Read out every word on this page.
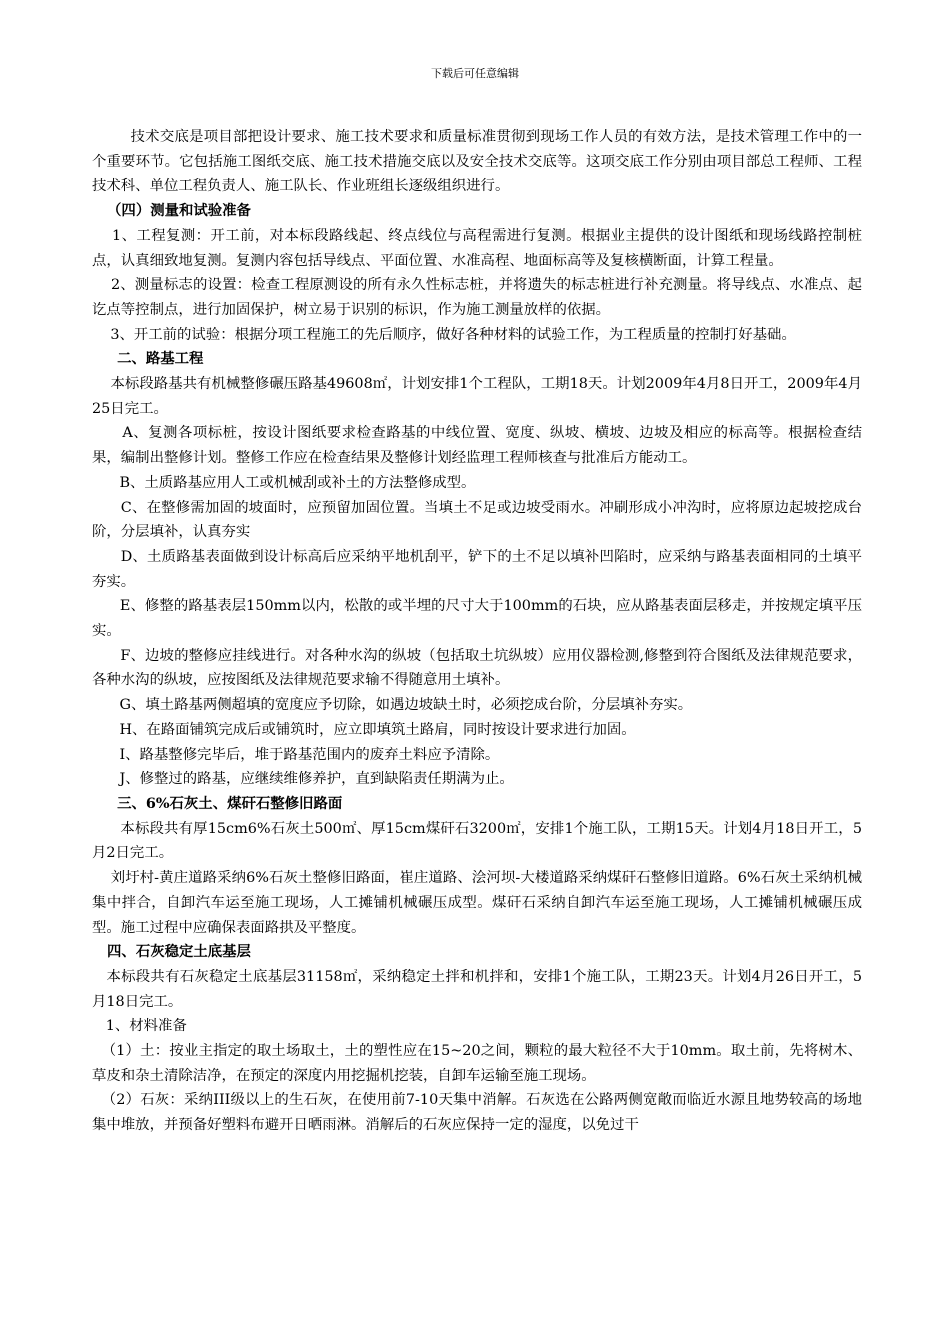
下载后可任意编辑

技术交底是项目部把设计要求、施工技术要求和质量标准贯彻到现场工作人员的有效方法，是技术管理工作中的一个重要环节。它包括施工图纸交底、施工技术措施交底以及安全技术交底等。这项交底工作分别由项目部总工程师、工程技术科、单位工程负责人、施工队长、作业班组长逐级组织进行。

（四）测量和试验准备

1、工程复测：开工前，对本标段路线起、终点线位与高程需进行复测。根据业主提供的设计图纸和现场线路控制桩点，认真细致地复测。复测内容包括导线点、平面位置、水准高程、地面标高等及复核横断面，计算工程量。

2、测量标志的设置：检查工程原测设的所有永久性标志桩，并将遗失的标志桩进行补充测量。将导线点、水准点、起讫点等控制点，进行加固保护，树立易于识别的标识，作为施工测量放样的依据。

3、开工前的试验：根据分项工程施工的先后顺序，做好各种材料的试验工作，为工程质量的控制打好基础。

二、路基工程

本标段路基共有机械整修碾压路基49608㎡，计划安排1个工程队，工期18天。计划2009年4月8日开工，2009年4月25日完工。

A、复测各项标桩，按设计图纸要求检查路基的中线位置、宽度、纵坡、横坡、边坡及相应的标高等。根据检查结果，编制出整修计划。整修工作应在检查结果及整修计划经监理工程师核查与批准后方能动工。

B、土质路基应用人工或机械刮或补土的方法整修成型。

C、在整修需加固的坡面时，应预留加固位置。当填土不足或边坡受雨水。冲刷形成小冲沟时，应将原边起坡挖成台阶，分层填补，认真夯实

D、土质路基表面做到设计标高后应采纳平地机刮平，铲下的土不足以填补凹陷时，应采纳与路基表面相同的土填平夯实。

E、修整的路基表层150mm以内，松散的或半埋的尺寸大于100mm的石块，应从路基表面层移走，并按规定填平压实。

F、边坡的整修应挂线进行。对各种水沟的纵坡（包括取土坑纵坡）应用仪器检测,修整到符合图纸及法律规范要求，各种水沟的纵坡，应按图纸及法律规范要求输不得随意用土填补。

G、填土路基两侧超填的宽度应予切除，如遇边坡缺土时，必须挖成台阶，分层填补夯实。

H、在路面铺筑完成后或铺筑时，应立即填筑土路肩，同时按设计要求进行加固。

I、路基整修完毕后，堆于路基范围内的废弃土料应予清除。

J、修整过的路基，应继续维修养护，直到缺陷责任期满为止。

三、6%石灰土、煤矸石整修旧路面

本标段共有厚15cm6%石灰土500㎡、厚15cm煤矸石3200㎡，安排1个施工队，工期15天。计划4月18日开工，5月2日完工。

刘圩村-黄庄道路采纳6%石灰土整修旧路面，崔庄道路、浍河坝-大楼道路采纳煤矸石整修旧道路。6%石灰土采纳机械集中拌合，自卸汽车运至施工现场，人工摊铺机械碾压成型。煤矸石采纳自卸汽车运至施工现场，人工摊铺机械碾压成型。施工过程中应确保表面路拱及平整度。

四、石灰稳定土底基层

本标段共有石灰稳定土底基层31158㎡，采纳稳定土拌和机拌和，安排1个施工队，工期23天。计划4月26日开工，5月18日完工。

1、材料准备

（1）土：按业主指定的取土场取土，土的塑性应在15~20之间，颗粒的最大粒径不大于10mm。取土前，先将树木、草皮和杂土清除洁净，在预定的深度内用挖掘机挖装，自卸车运输至施工现场。

（2）石灰：采纳III级以上的生石灰，在使用前7-10天集中消解。石灰选在公路两侧宽敞而临近水源且地势较高的场地集中堆放，并预备好塑料布避开日晒雨淋。消解后的石灰应保持一定的湿度，以免过干
